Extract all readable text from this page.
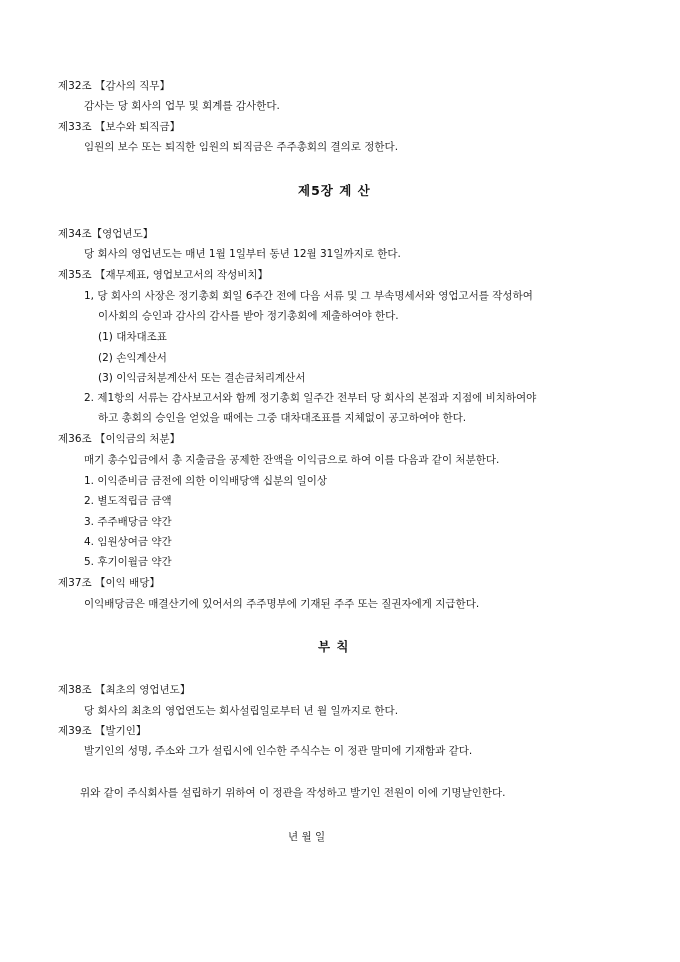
제32조 【감사의 직무】
감사는 당 회사의 업무 및 회계를 감사한다.
제33조 【보수와 퇴직금】
임원의 보수 또는 퇴직한 임원의 퇴직금은 주주총회의 결의로 정한다.
제5장 계 산
제34조【영업년도】
당 회사의 영업년도는 매년 1월 1일부터 동년 12월 31일까지로 한다.
제35조 【재무제표, 영업보고서의 작성비치】
1, 당 회사의 사장은 정기총회 회일 6주간 전에 다음 서류 및 그 부속명세서와 영업고서를 작성하여
이사회의 승인과 감사의 감사를 받아 정기총회에 제출하여야 한다.
(1) 대차대조표
(2) 손익계산서
(3) 이익금처분계산서 또는 결손금처리계산서
2. 제1항의 서류는 감사보고서와 함께 정기총회 일주간 전부터 당 회사의 본점과 지점에 비치하여야
하고 총회의 승인을 얻었을 때에는 그중 대차대조표를 지체없이 공고하여야 한다.
제36조 【이익금의 처분】
매기 총수입금에서 총 지출금을 공제한 잔액을 이익금으로 하여 이를 다음과 같이 처분한다.
1. 이익준비금 금전에 의한 이익배당액 십분의 일이상
2. 별도적립금 금액
3. 주주배당금 약간
4. 임원상여금 약간
5. 후기이월금 약간
제37조 【이익 배당】
이익배당금은 매결산기에 있어서의 주주명부에 기재된 주주 또는 질권자에게 지급한다.
부 칙
제38조 【최초의 영업년도】
당 회사의 최초의 영업연도는 회사설립일로부터 년 월 일까지로 한다.
제39조 【발기인】
발기인의 성명, 주소와 그가 설립시에 인수한 주식수는 이 정관 말미에 기재함과 같다.
위와 같이 주식회사를 설립하기 위하여 이 정관을 작성하고 발기인 전원이 이에 기명날인한다.
년 월 일
